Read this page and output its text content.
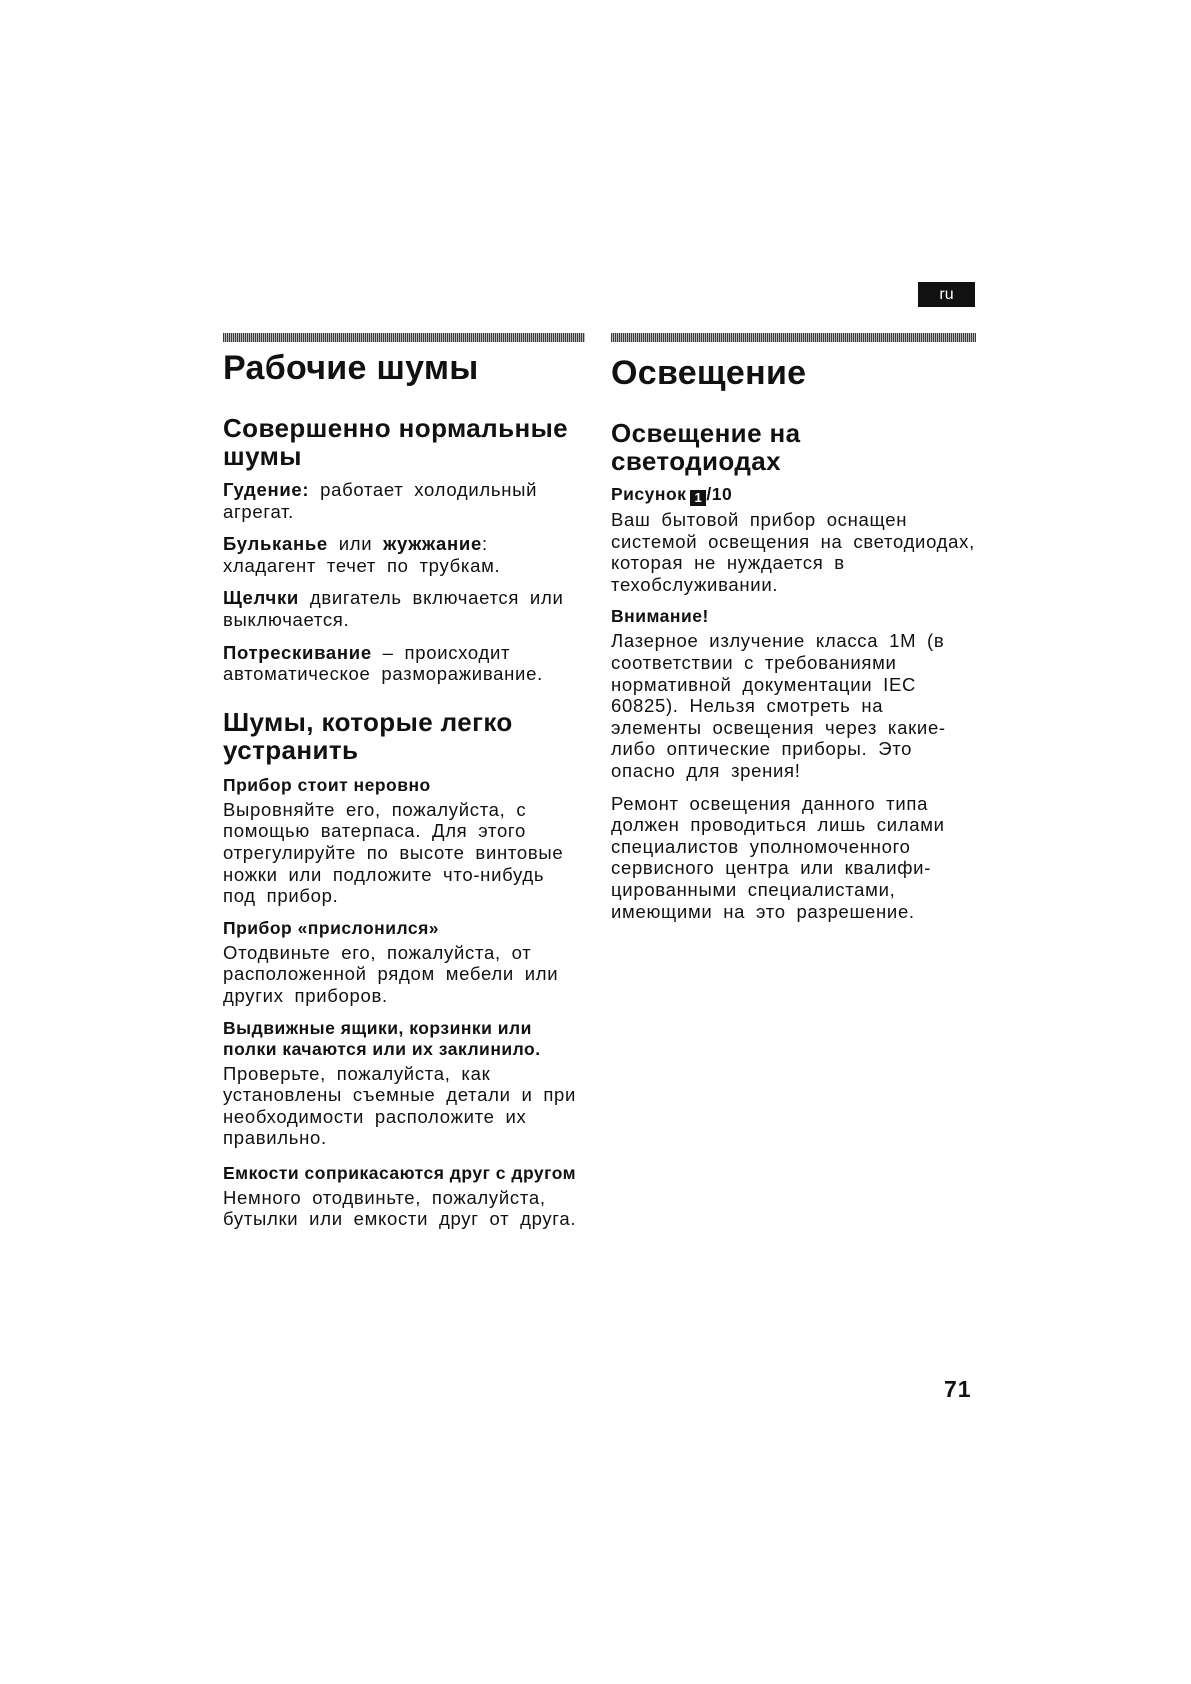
ru
Рабочие шумы
Совершенно нормальные шумы

Гудение: работает холодильный агрегат.

Бульканье или жужжание: хладагент течет по трубкам.

Щелчки двигатель включается или выключается.

Потрескивание – происходит автоматическое размораживание.

Шумы, которые легко устранить
Прибор стоит неровно

Выровняйте его, пожалуйста, с помощью ватерпаса. Для этого отрегулируйте по высоте винтовые ножки или подложите что-нибудь под прибор.

Прибор «прислонился»

Отодвиньте его, пожалуйста, от расположенной рядом мебели или других приборов.

Выдвижные ящики, корзинки или полки качаются или их заклинило.

Проверьте, пожалуйста, как установлены съемные детали и при необходимости расположите их правильно.

Емкости соприкасаются друг с другом

Немного отодвиньте, пожалуйста, бутылки или емкости друг от друга.

Освещение
Освещение на светодиодах
Рисунок 1 /10

Ваш бытовой прибор оснащен системой освещения на светодиодах, которая не нуждается в техобслуживании.

Внимание!

Лазерное излучение класса 1M (в соответствии с требованиями нормативной документации IEC 60825). Нельзя смотреть на элементы освещения через какие-либо оптические приборы. Это опасно для зрения!

Ремонт освещения данного типа должен проводиться лишь силами специалистов уполномоченного сервисного центра или квалифи-цированными специалистами, имеющими на это разрешение.

71
